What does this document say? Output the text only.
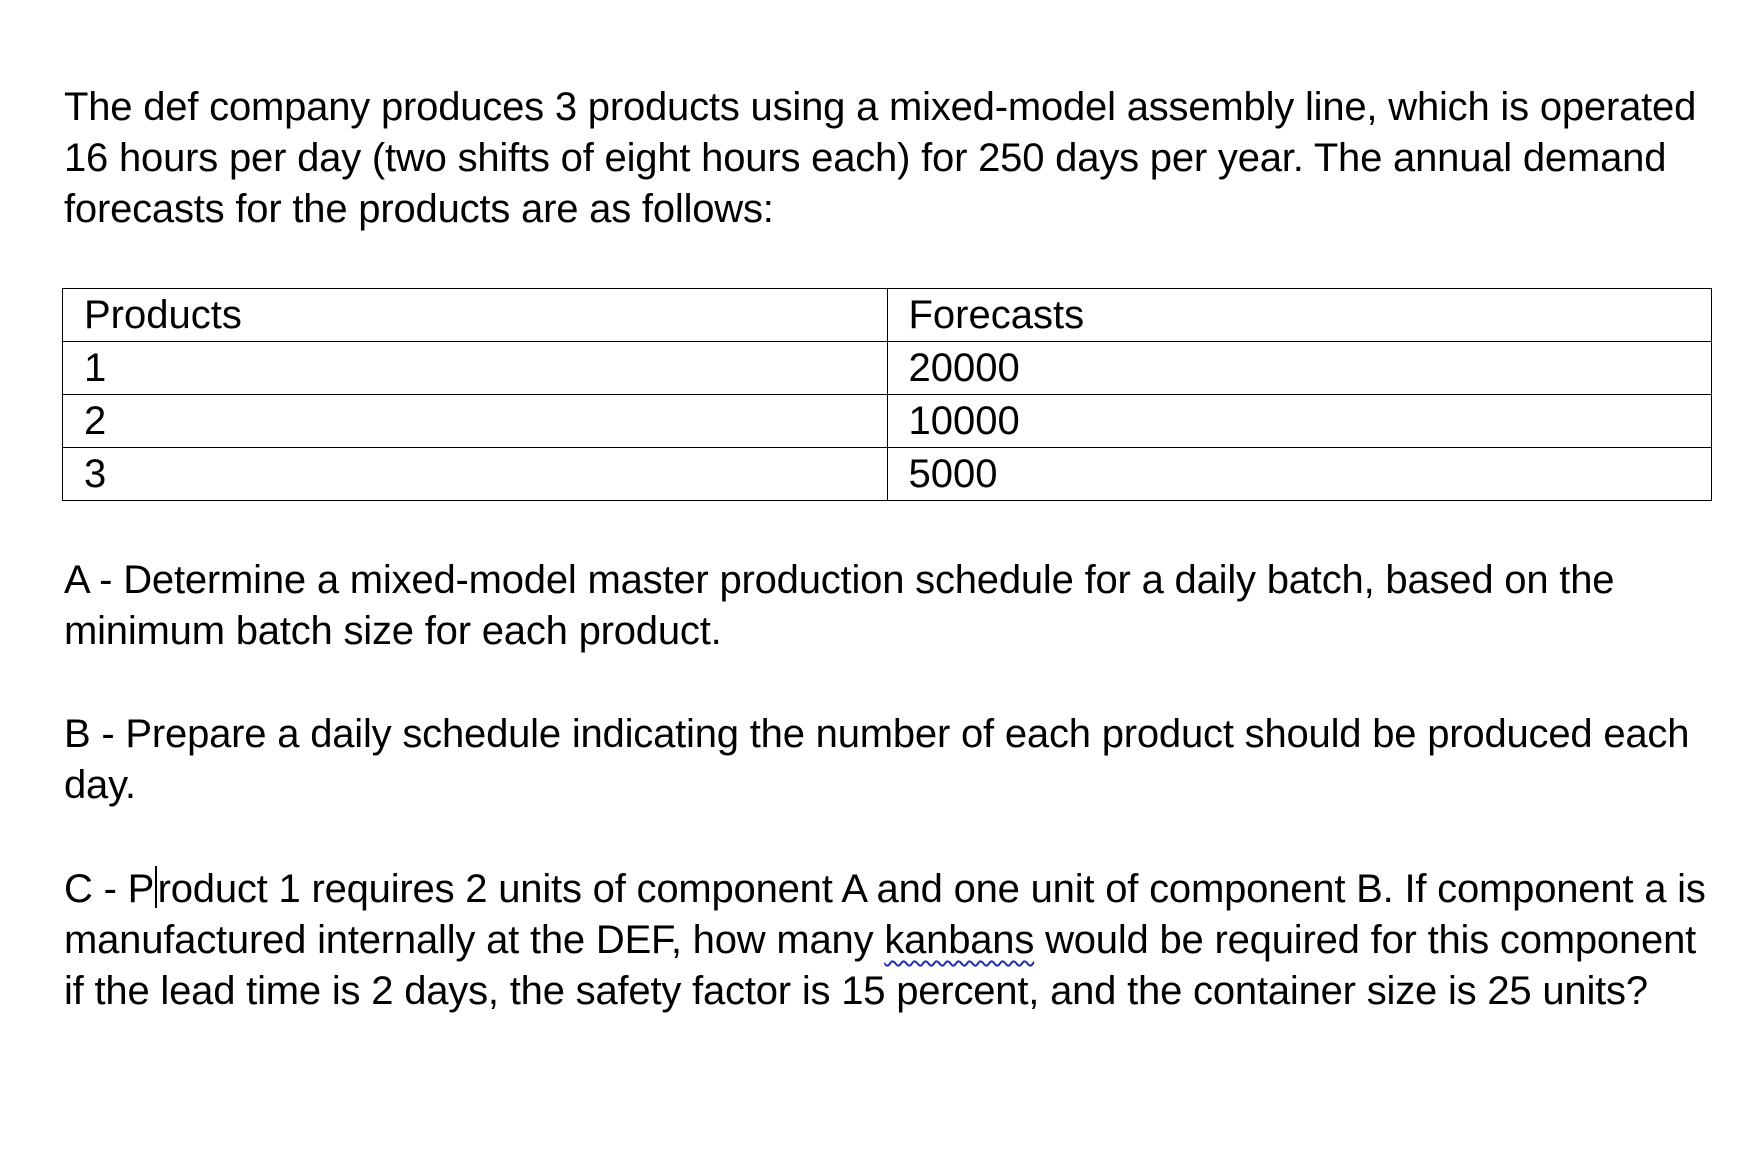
The def company produces 3 products using a mixed-model assembly line, which is operated 16 hours per day (two shifts of eight hours each) for 250 days per year. The annual demand forecasts for the products are as follows:

Products	Forecasts
1	20000
2	10000
3	5000

A - Determine a mixed-model master production schedule for a daily batch, based on the minimum batch size for each product.

B - Prepare a daily schedule indicating the number of each product should be produced each day.

C - Product 1 requires 2 units of component A and one unit of component B. If component a is manufactured internally at the DEF, how many kanbans would be required for this component if the lead time is 2 days, the safety factor is 15 percent, and the container size is 25 units?
